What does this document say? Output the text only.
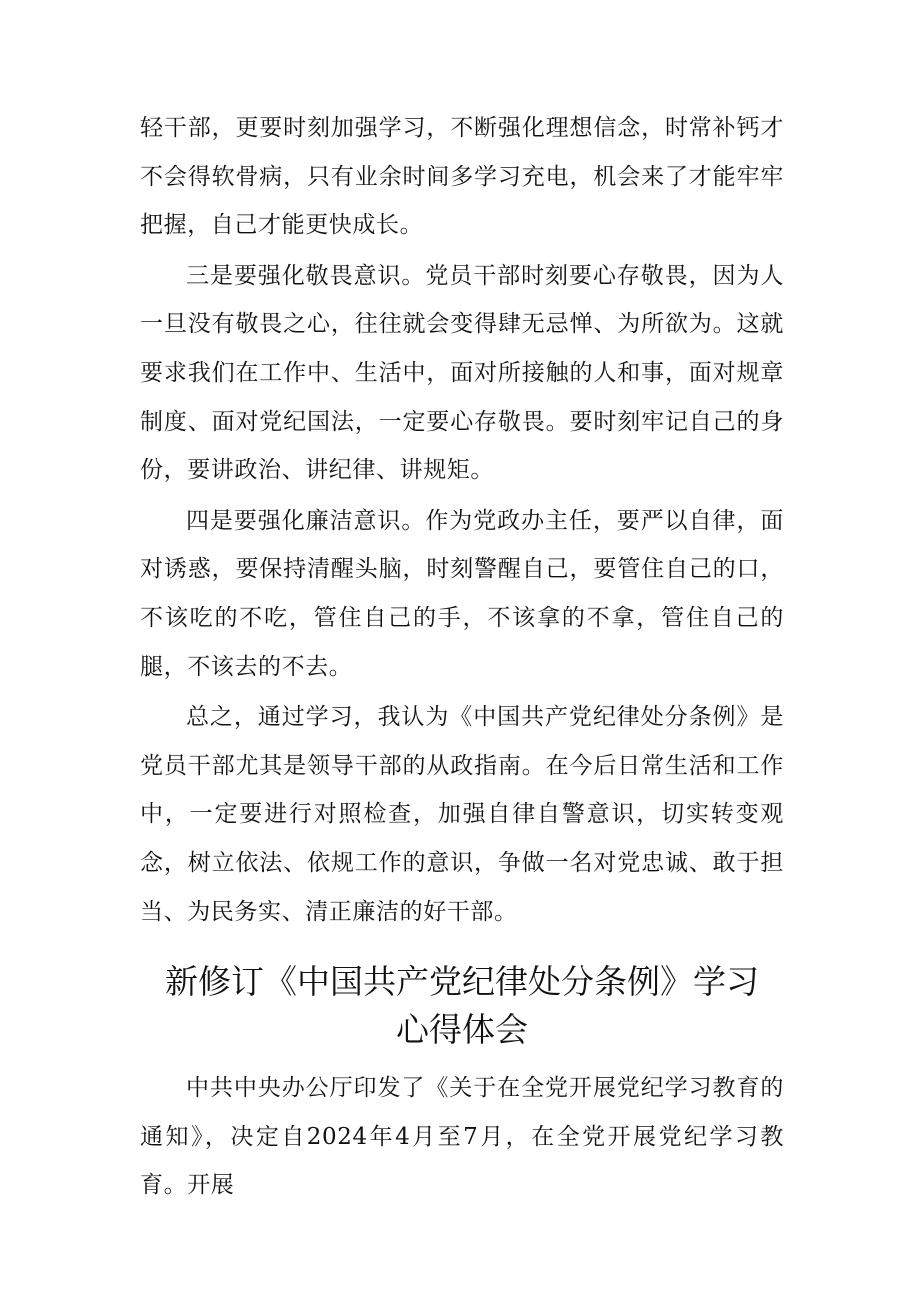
轻干部，更要时刻加强学习，不断强化理想信念，时常补钙才不会得软骨病，只有业余时间多学习充电，机会来了才能牢牢把握，自己才能更快成长。

三是要强化敬畏意识。党员干部时刻要心存敬畏，因为人一旦没有敬畏之心，往往就会变得肆无忌惮、为所欲为。这就要求我们在工作中、生活中，面对所接触的人和事，面对规章制度、面对党纪国法，一定要心存敬畏。要时刻牢记自己的身份，要讲政治、讲纪律、讲规矩。

四是要强化廉洁意识。作为党政办主任，要严以自律，面对诱惑，要保持清醒头脑，时刻警醒自己，要管住自己的口，不该吃的不吃，管住自己的手，不该拿的不拿，管住自己的腿，不该去的不去。

总之，通过学习，我认为《中国共产党纪律处分条例》是党员干部尤其是领导干部的从政指南。在今后日常生活和工作中，一定要进行对照检查，加强自律自警意识，切实转变观念，树立依法、依规工作的意识，争做一名对党忠诚、敢于担当、为民务实、清正廉洁的好干部。

新修订《中国共产党纪律处分条例》学习
心得体会

中共中央办公厅印发了《关于在全党开展党纪学习教育的通知》，决定自2024年4月至7月，在全党开展党纪学习教育。开展
